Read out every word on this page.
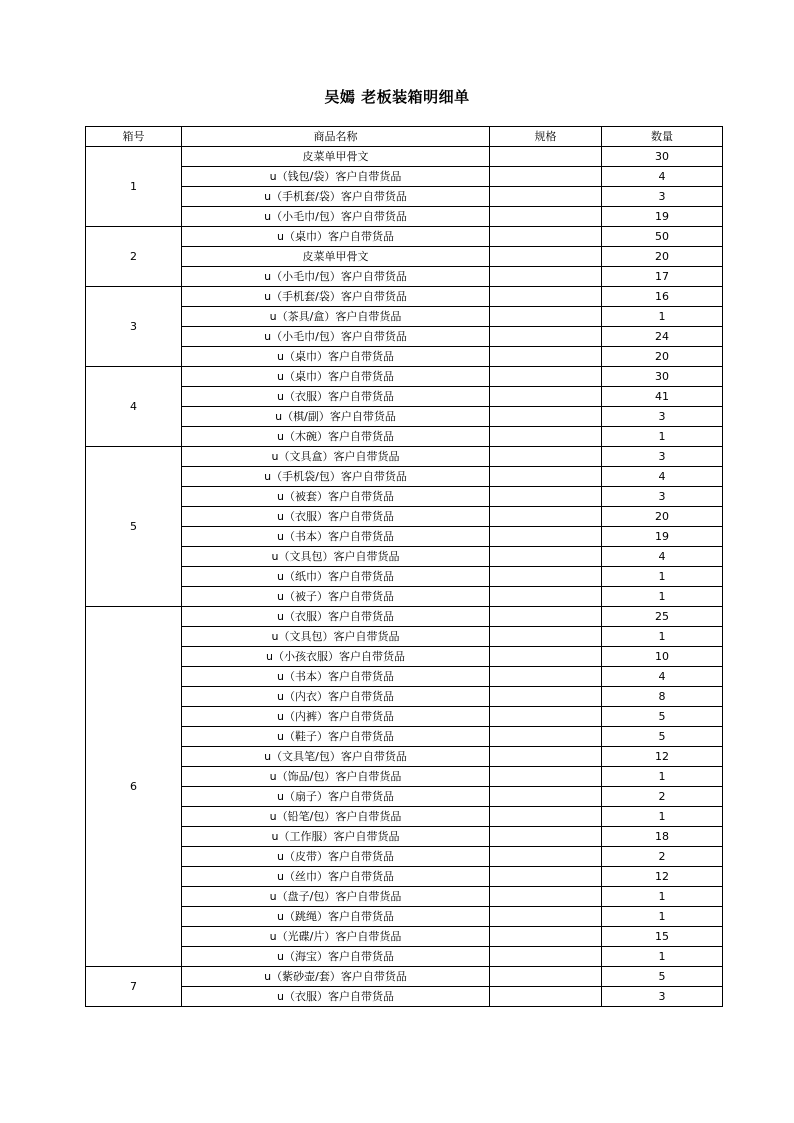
吴嫣 老板装箱明细单
箱号	商品名称	规格	数量
1	皮菜单甲骨文		30
	u（钱包/袋）客户自带货品		4
	u（手机套/袋）客户自带货品		3
	u（小毛巾/包）客户自带货品		19
2	u（桌巾）客户自带货品		50
	皮菜单甲骨文		20
	u（小毛巾/包）客户自带货品		17
3	u（手机套/袋）客户自带货品		16
	u（茶具/盒）客户自带货品		1
	u（小毛巾/包）客户自带货品		24
	u（桌巾）客户自带货品		20
4	u（桌巾）客户自带货品		30
	u（衣服）客户自带货品		41
	u（棋/副）客户自带货品		3
	u（木碗）客户自带货品		1
5	u（文具盒）客户自带货品		3
	u（手机袋/包）客户自带货品		4
	u（被套）客户自带货品		3
	u（衣服）客户自带货品		20
	u（书本）客户自带货品		19
	u（文具包）客户自带货品		4
	u（纸巾）客户自带货品		1
	u（被子）客户自带货品		1
6	u（衣服）客户自带货品		25
	u（文具包）客户自带货品		1
	u（小孩衣服）客户自带货品		10
	u（书本）客户自带货品		4
	u（内衣）客户自带货品		8
	u（内裤）客户自带货品		5
	u（鞋子）客户自带货品		5
	u（文具笔/包）客户自带货品		12
	u（饰品/包）客户自带货品		1
	u（扇子）客户自带货品		2
	u（铅笔/包）客户自带货品		1
	u（工作服）客户自带货品		18
	u（皮带）客户自带货品		2
	u（丝巾）客户自带货品		12
	u（盘子/包）客户自带货品		1
	u（跳绳）客户自带货品		1
	u（光碟/片）客户自带货品		15
	u（海宝）客户自带货品		1
7	u（紫砂壶/套）客户自带货品		5
	u（衣服）客户自带货品		3
